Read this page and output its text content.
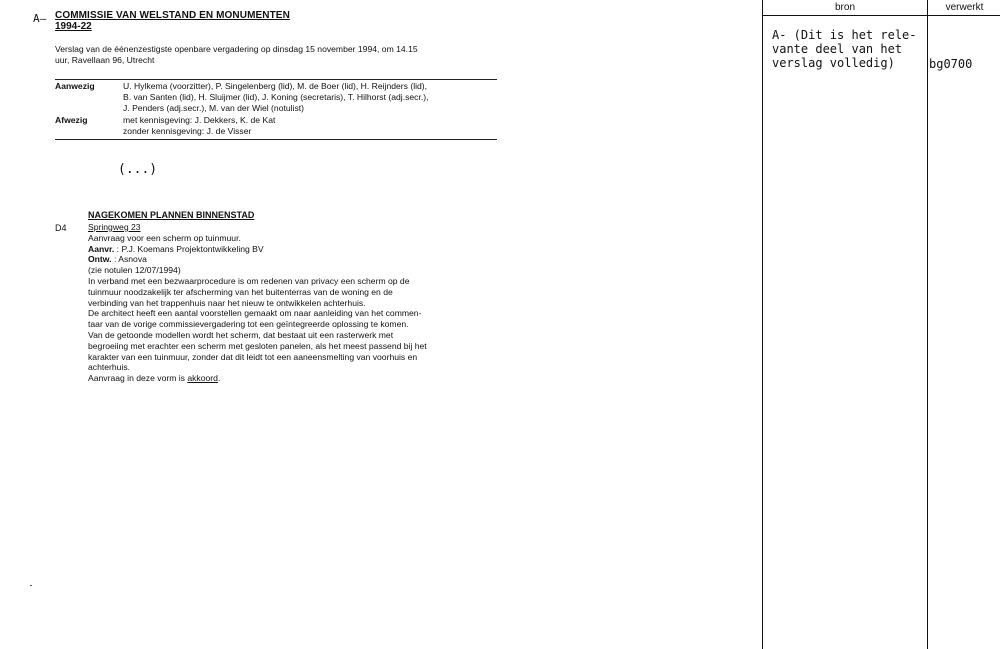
A— COMMISSIE VAN WELSTAND EN MONUMENTEN
1994-22
Verslag van de éénenzestigste openbare vergadering op dinsdag 15 november 1994, om 14.15
uur, Ravellaan 96, Utrecht
Aanwezig	U. Hylkema (voorzitter), P. Singelenberg (lid), M. de Boer (lid), H. Reijnders (lid),
B. van Santen (lid), H. Sluijmer (lid), J. Koning (secretaris), T. Hilhorst (adj.secr.),
J. Penders (adj.secr.), M. van der Wiel (notulist)
Afwezig	met kennisgeving: J. Dekkers, K. de Kat
zonder kennisgeving: J. de Visser
(...)
NAGEKOMEN PLANNEN BINNENSTAD
D4 Springweg 23
Aanvraag voor een scherm op tuinmuur.
Aanvr. : P.J. Koemans Projektontwikkeling BV
Ontw. : Asnova
(zie notulen 12/07/1994)
In verband met een bezwaarprocedure is om redenen van privacy een scherm op de
tuinmuur noodzakelijk ter afscherming van het buitenterras van de woning en de
verbinding van het trappenhuis naar het nieuw te ontwikkelen achterhuis.
De architect heeft een aantal voorstellen gemaakt om naar aanleiding van het commen-
taar van de vorige commissievergadering tot een geïntegreerde oplossing te komen.
Van de getoonde modellen wordt het scherm, dat bestaat uit een rasterwerk met
begroeiing met erachter een scherm met gesloten panelen, als het meest passend bij het
karakter van een tuinmuur, zonder dat dit leidt tot een aaneensmelting van voorhuis en
achterhuis.
Aanvraag in deze vorm is akkoord.
bron	verwerkt
A- (Dit is het rele-
vante deel van het
verslag volledig)	bg0700
